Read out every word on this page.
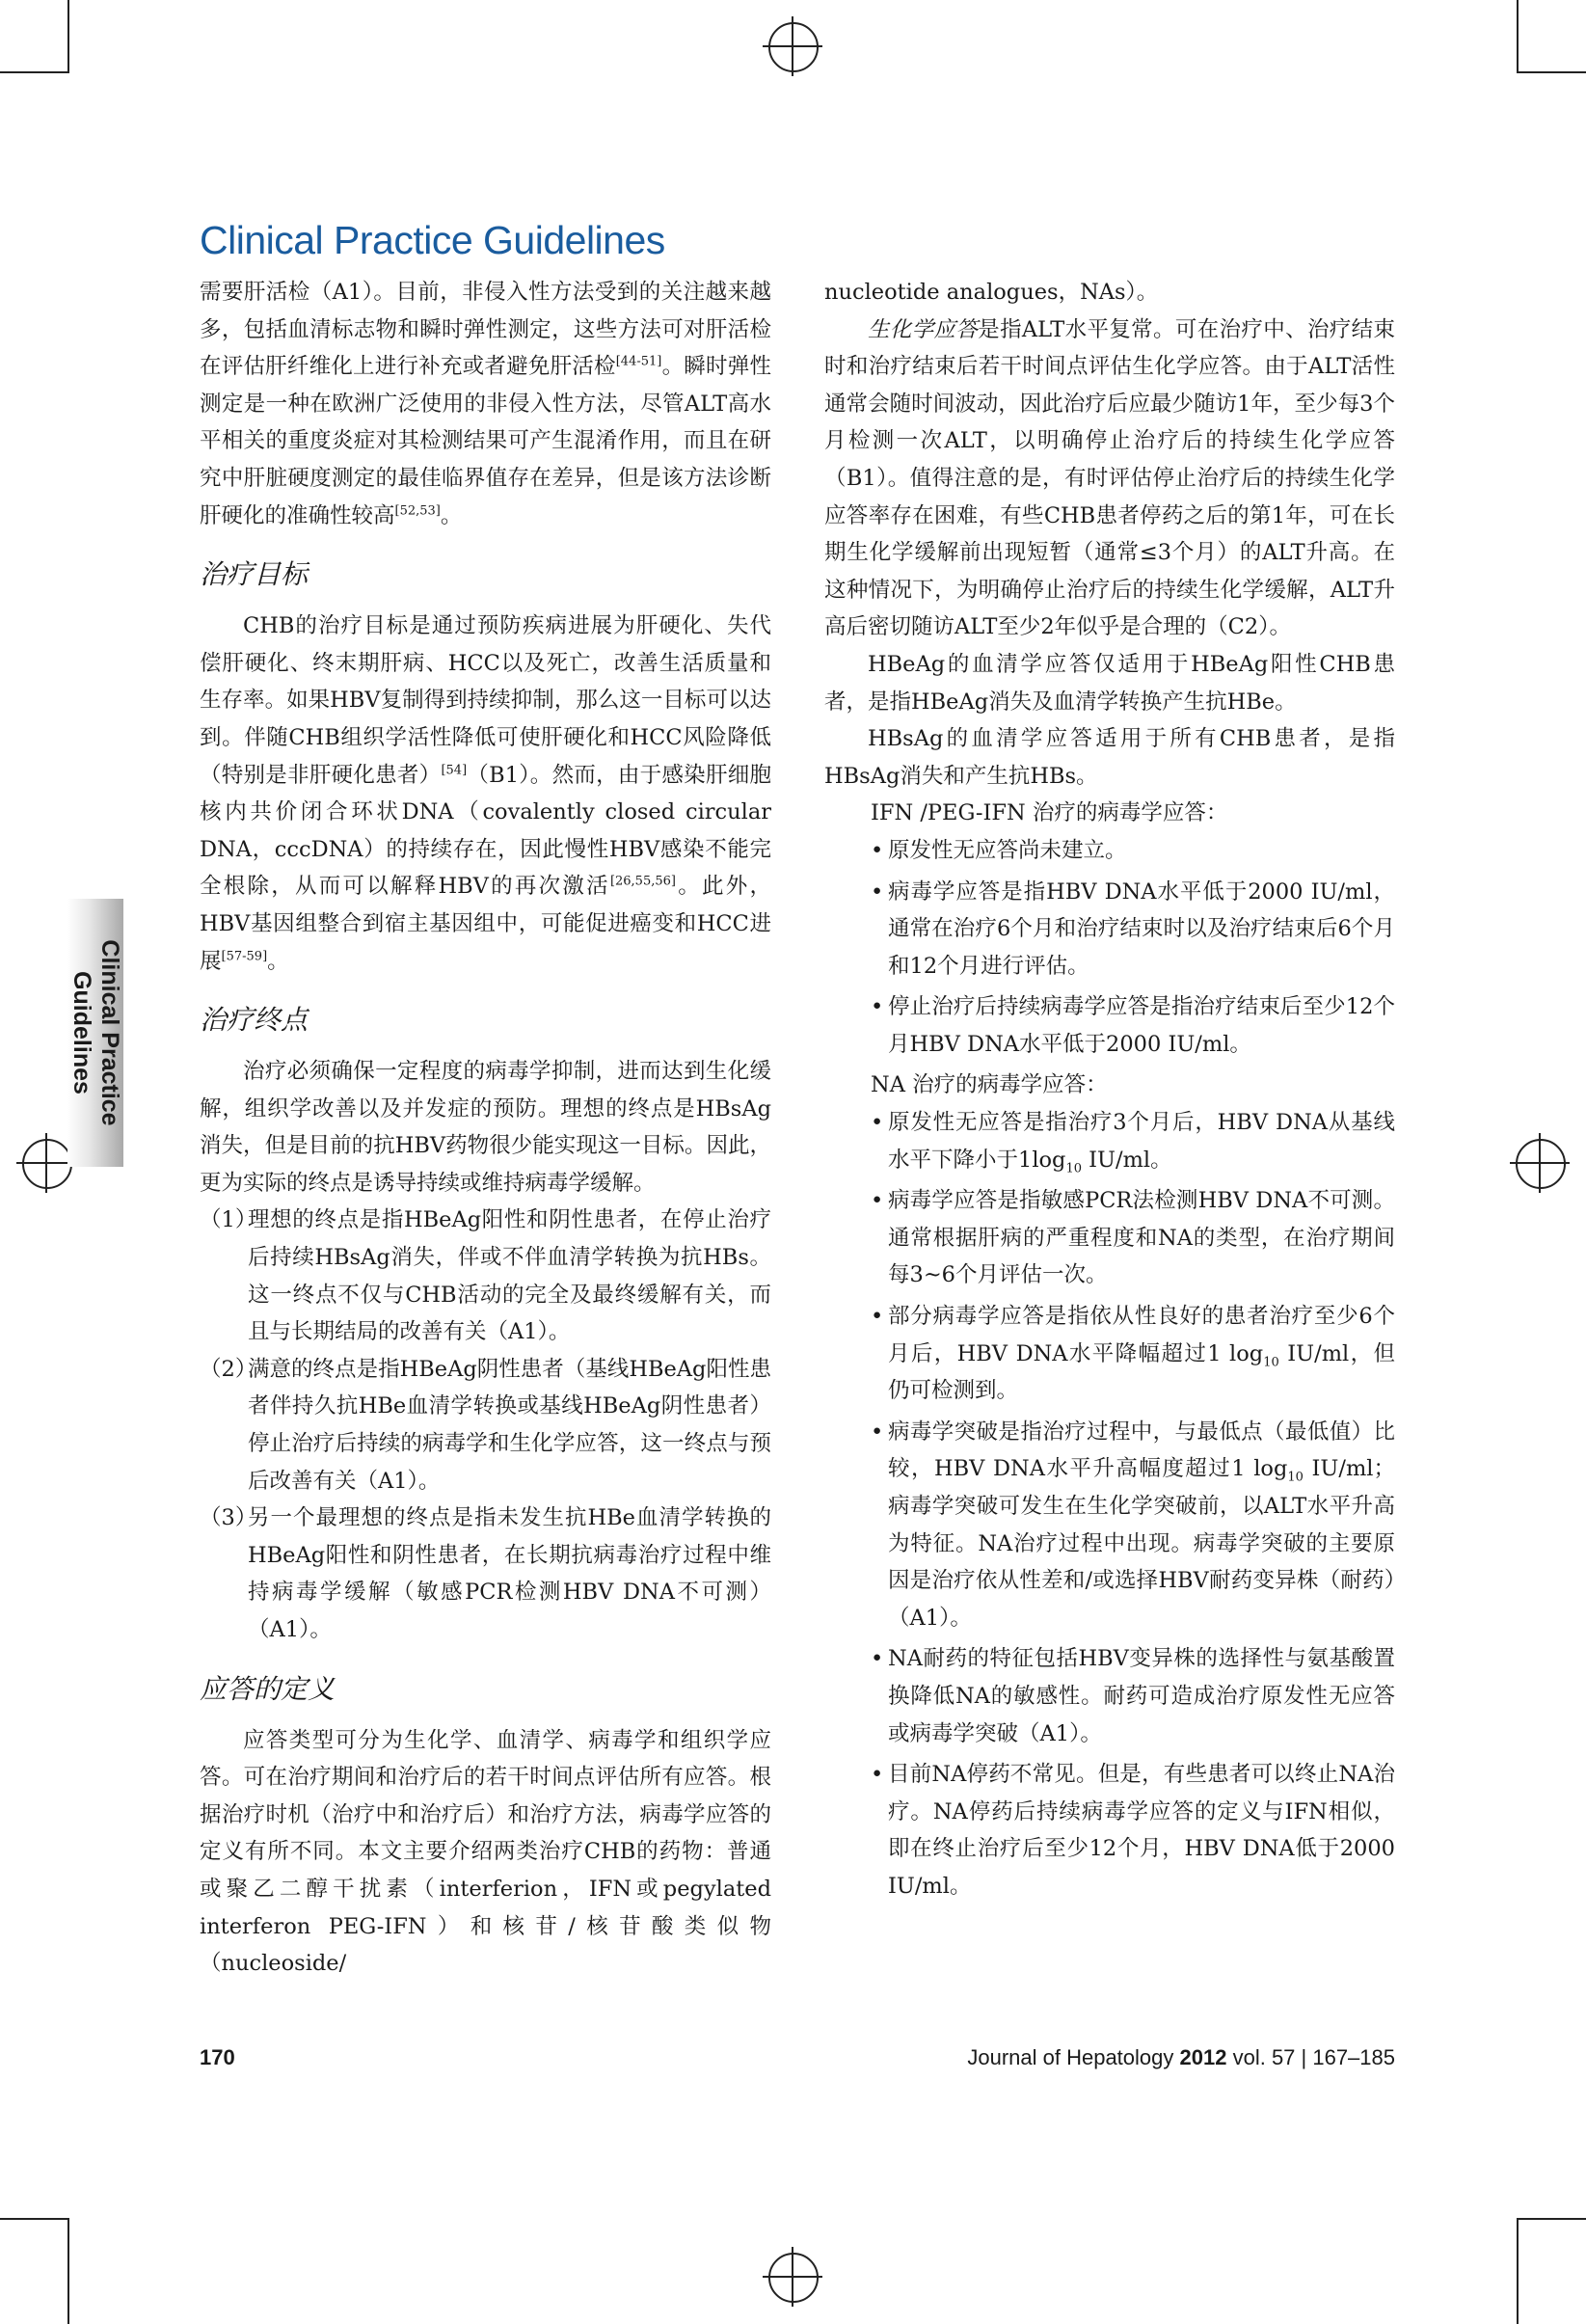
Clinical Practice Guidelines
Clinical Practice
Guidelines

需要肝活检（A1）。目前，非侵入性方法受到的关注越来越多，包括血清标志物和瞬时弹性测定，这些方法可对肝活检在评估肝纤维化上进行补充或者避免肝活检[44-51]。瞬时弹性测定是一种在欧洲广泛使用的非侵入性方法，尽管ALT高水平相关的重度炎症对其检测结果可产生混淆作用，而且在研究中肝脏硬度测定的最佳临界值存在差异，但是该方法诊断肝硬化的准确性较高[52,53]。

治疗目标

CHB的治疗目标是通过预防疾病进展为肝硬化、失代偿肝硬化、终末期肝病、HCC以及死亡，改善生活质量和生存率。如果HBV复制得到持续抑制，那么这一目标可以达到。伴随CHB组织学活性降低可使肝硬化和HCC风险降低（特别是非肝硬化患者）[54]（B1）。然而，由于感染肝细胞核内共价闭合环状DNA（covalently closed circular DNA，cccDNA）的持续存在，因此慢性HBV感染不能完全根除，从而可以解释HBV的再次激活[26,55,56]。此外，HBV基因组整合到宿主基因组中，可能促进癌变和HCC进展[57-59]。

治疗终点

治疗必须确保一定程度的病毒学抑制，进而达到生化缓解，组织学改善以及并发症的预防。理想的终点是HBsAg消失，但是目前的抗HBV药物很少能实现这一目标。因此，更为实际的终点是诱导持续或维持病毒学缓解。

（1）
理想的终点是指HBeAg阳性和阴性患者，在停止治疗后持续HBsAg消失，伴或不伴血清学转换为抗HBs。这一终点不仅与CHB活动的完全及最终缓解有关，而且与长期结局的改善有关（A1）。
（2）
满意的终点是指HBeAg阴性患者（基线HBeAg阳性患者伴持久抗HBe血清学转换或基线HBeAg阴性患者）停止治疗后持续的病毒学和生化学应答，这一终点与预后改善有关（A1）。
（3）
另一个最理想的终点是指未发生抗HBe血清学转换的HBeAg阳性和阴性患者，在长期抗病毒治疗过程中维持病毒学缓解（敏感PCR检测HBV DNA不可测）（A1）。
应答的定义

应答类型可分为生化学、血清学、病毒学和组织学应答。可在治疗期间和治疗后的若干时间点评估所有应答。根据治疗时机（治疗中和治疗后）和治疗方法，病毒学应答的定义有所不同。本文主要介绍两类治疗CHB的药物：普通或聚乙二醇干扰素（interferion，IFN或pegylated interferon PEG-IFN）和核苷/核苷酸类似物（nucleoside/

nucleotide analogues，NAs）。

生化学应答是指ALT水平复常。可在治疗中、治疗结束时和治疗结束后若干时间点评估生化学应答。由于ALT活性通常会随时间波动，因此治疗后应最少随访1年，至少每3个月检测一次ALT，以明确停止治疗后的持续生化学应答（B1）。值得注意的是，有时评估停止治疗后的持续生化学应答率存在困难，有些CHB患者停药之后的第1年，可在长期生化学缓解前出现短暂（通常≤3个月）的ALT升高。在这种情况下，为明确停止治疗后的持续生化学缓解，ALT升高后密切随访ALT至少2年似乎是合理的（C2）。

HBeAg的血清学应答仅适用于HBeAg阳性CHB患者，是指HBeAg消失及血清学转换产生抗HBe。

HBsAg的血清学应答适用于所有CHB患者，是指HBsAg消失和产生抗HBs。

IFN /PEG-IFN 治疗的病毒学应答：

• 原发性无应答尚未建立。
• 病毒学应答是指HBV DNA水平低于2000 IU/ml，通常在治疗6个月和治疗结束时以及治疗结束后6个月和12个月进行评估。
• 停止治疗后持续病毒学应答是指治疗结束后至少12个月HBV DNA水平低于2000 IU/ml。

NA 治疗的病毒学应答：

• 原发性无应答是指治疗3个月后，HBV DNA从基线水平下降小于$1\log_{10}$ IU/ml。
• 病毒学应答是指敏感PCR法检测HBV DNA不可测。通常根据肝病的严重程度和NA的类型，在治疗期间每3~6个月评估一次。
• 部分病毒学应答是指依从性良好的患者治疗至少6个月后，HBV DNA水平降幅超过1 $\log_{10} IU/ml$，但仍可检测到。
• 病毒学突破是指治疗过程中，与最低点（最低值）比较，HBV DNA水平升高幅度超过1 $\log_{10} IU/ml$；病毒学突破可发生在生化学突破前，以ALT水平升高为特征。NA治疗过程中出现。病毒学突破的主要原因是治疗依从性差和/或选择HBV耐药变异株（耐药）（A1）。
• NA耐药的特征包括HBV变异株的选择性与氨基酸置换降低NA的敏感性。耐药可造成治疗原发性无应答或病毒学突破（A1）。
• 目前NA停药不常见。但是，有些患者可以终止NA治疗。NA停药后持续病毒学应答的定义与IFN相似，即在终止治疗后至少12个月，HBV DNA低于2000 IU/ml。
170	Journal of Hepatology 2012 vol. 57 | 167–185
